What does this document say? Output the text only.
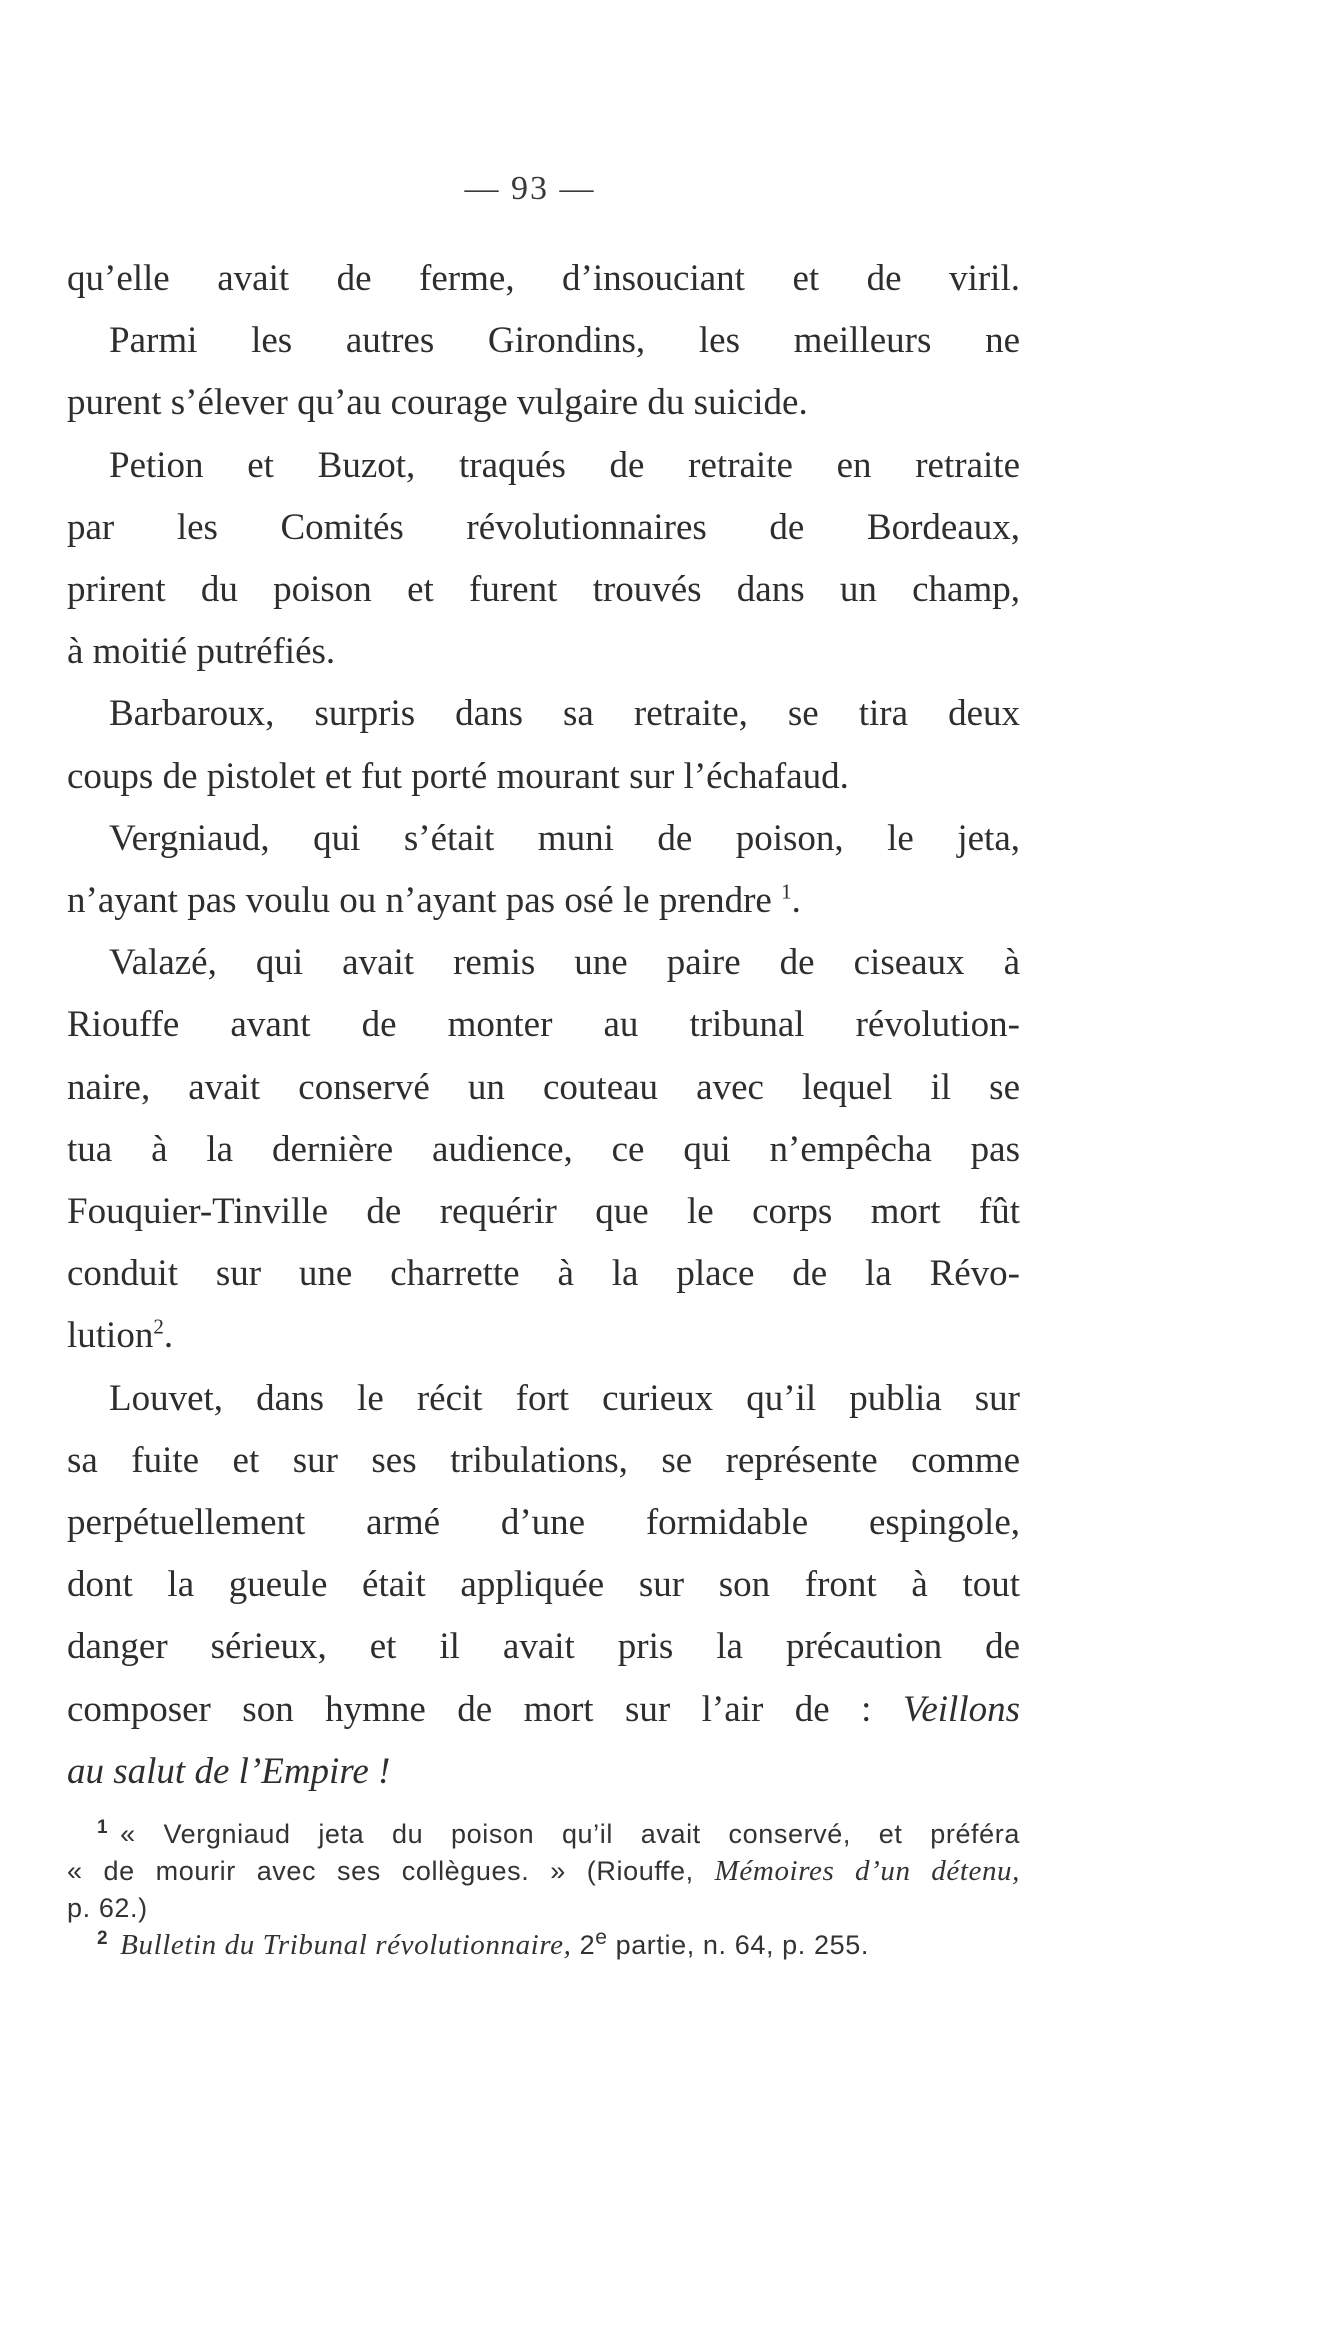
— 93 —
qu’elle avait de ferme, d’insouciant et de viril.
Parmi les autres Girondins, les meilleurs ne
purent s’élever qu’au courage vulgaire du suicide.
Petion et Buzot, traqués de retraite en retraite
par les Comités révolutionnaires de Bordeaux,
prirent du poison et furent trouvés dans un champ,
à moitié putréfiés.
Barbaroux, surpris dans sa retraite, se tira deux
coups de pistolet et fut porté mourant sur l’échafaud.
Vergniaud, qui s’était muni de poison, le jeta,
n’ayant pas voulu ou n’ayant pas osé le prendre $^1$.
Valazé, qui avait remis une paire de ciseaux à
Riouffe avant de monter au tribunal révolution-
naire, avait conservé un couteau avec lequel il se
tua à la dernière audience, ce qui n’empêcha pas
Fouquier-Tinville de requérir que le corps mort fût
conduit sur une charrette à la place de la Révo-
lution$^2$.
Louvet, dans le récit fort curieux qu’il publia sur
sa fuite et sur ses tribulations, se représente comme
perpétuellement armé d’une formidable espingole,
dont la gueule était appliquée sur son front à tout
danger sérieux, et il avait pris la précaution de
composer son hymne de mort sur l’air de : Veillons
au salut de l’Empire !
$^1$ « Vergniaud jeta du poison qu’il avait conservé, et préféra
« de mourir avec ses collègues. » (Riouffe, Mémoires d’un détenu,
p. 62.)
$^2$ Bulletin du Tribunal révolutionnaire, 2e partie, n. 64, p. 255.
